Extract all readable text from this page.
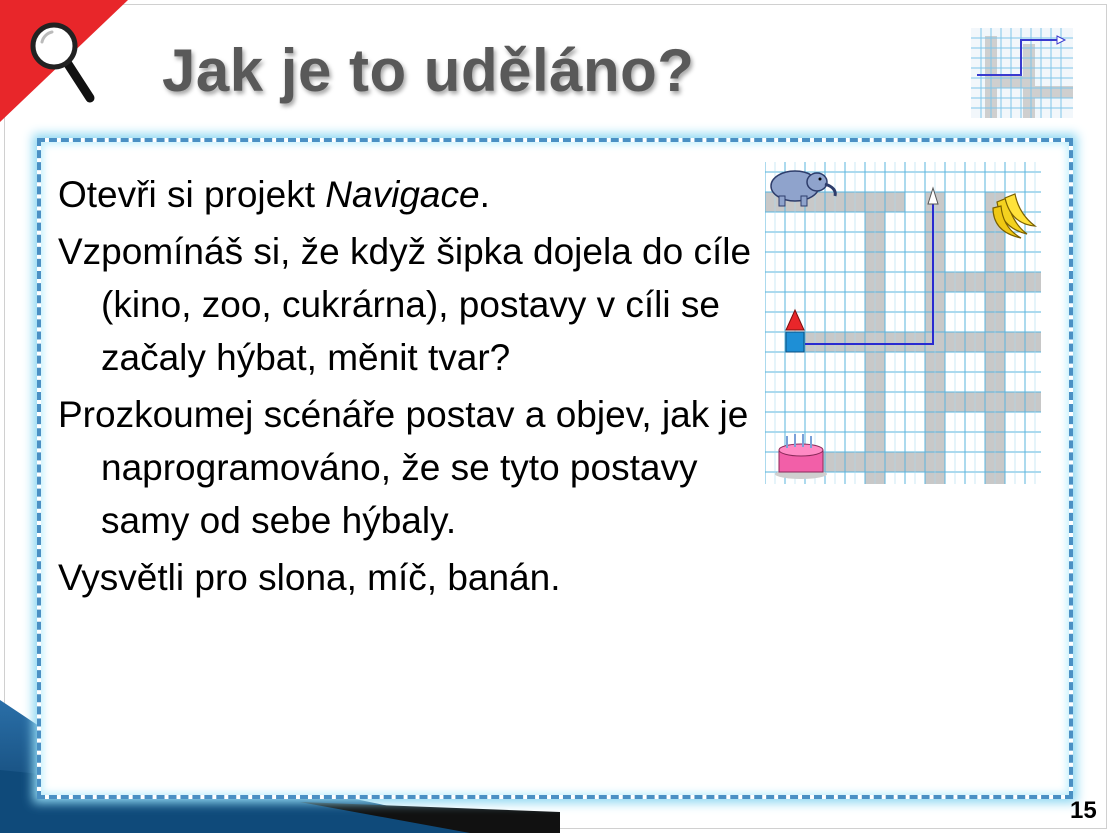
Jak je to uděláno?

Otevři si projekt Navigace.

Vzpomínáš si, že když šipka dojela do cíle (kino, zoo, cukrárna), postavy v cíli se začaly hýbat, měnit tvar?

Prozkoumej scénáře postav a objev, jak je naprogramováno, že se tyto postavy samy od sebe hýbaly.

Vysvětli pro slona, míč, banán.

15
